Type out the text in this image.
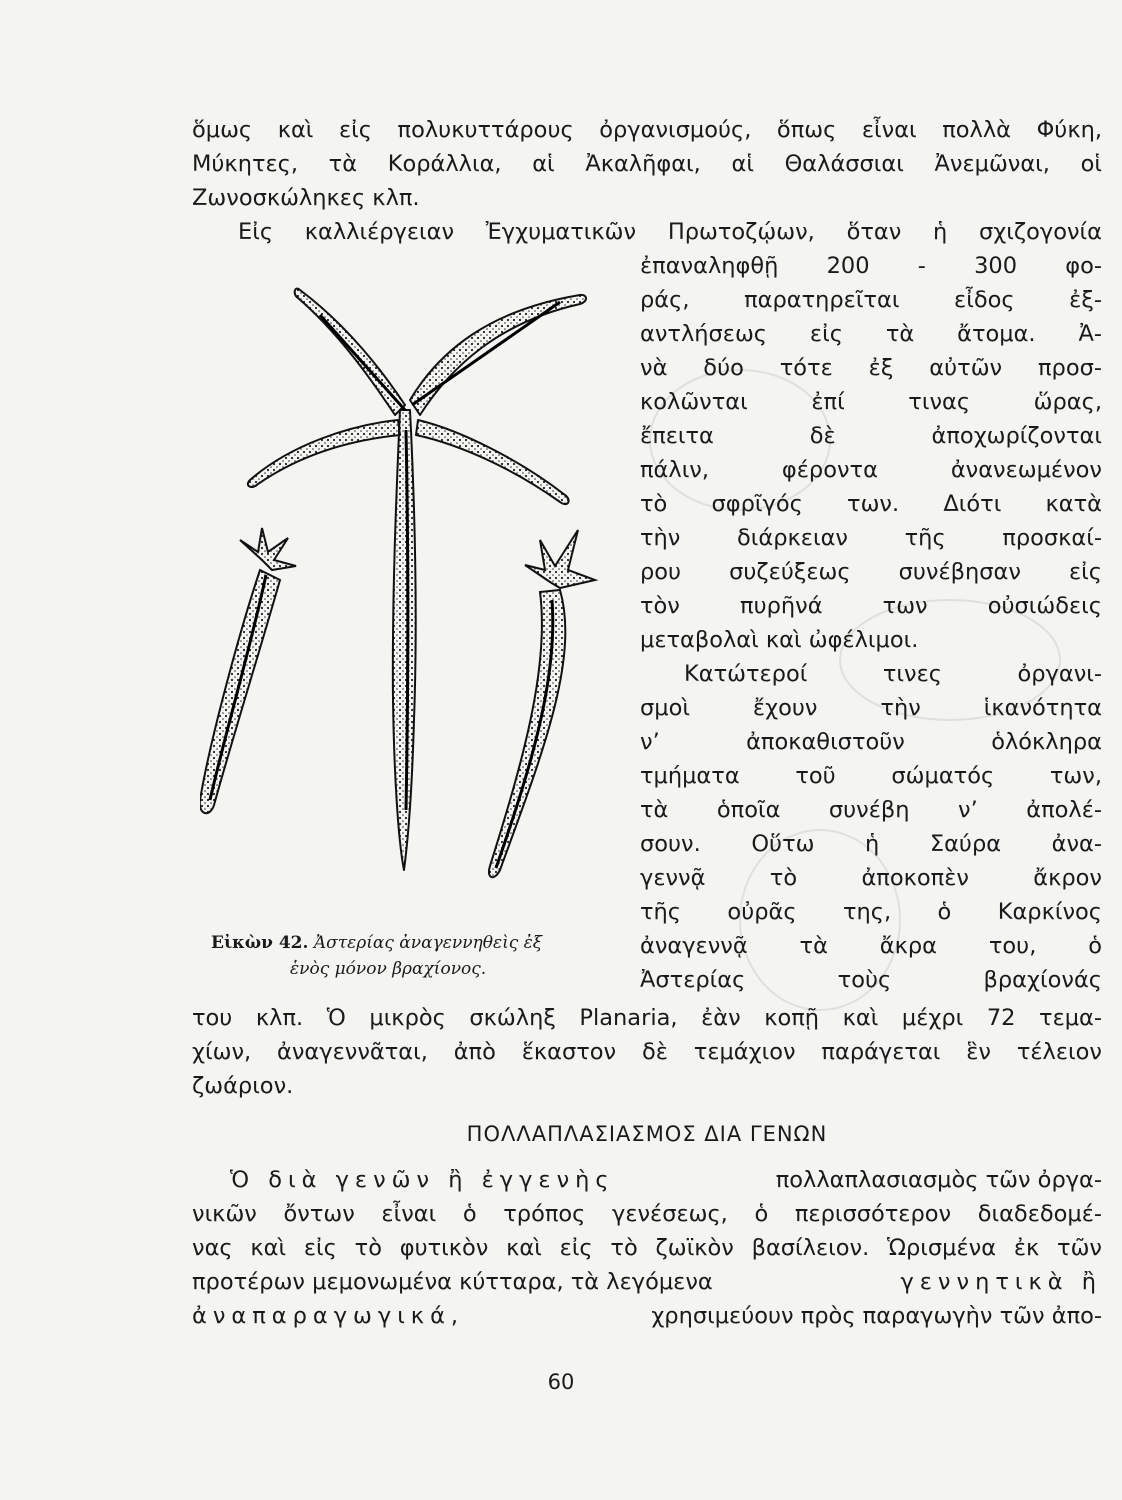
ὅμως καὶ εἰς πολυκυττάρους ὀργανισμούς, ὅπως εἶναι πολλὰ Φύκη,
Μύκητες, τὰ Κοράλλια, αἱ Ἀκαλῆφαι, αἱ Θαλάσσιαι Ἀνεμῶναι, οἱ
Ζωνοσκώληκες κλπ.
Εἰς καλλιέργειαν Ἐγχυματικῶν Πρωτοζῴων, ὅταν ἡ σχιζογονία
ἐπαναληφθῇ 200 - 300 φο-
ράς, παρατηρεῖται εἶδος ἐξ-
αντλήσεως εἰς τὰ ἄτομα. Ἀ-
νὰ δύο τότε ἐξ αὐτῶν προσ-
κολῶνται ἐπί τινας ὥρας,
ἔπειτα δὲ ἀποχωρίζονται
πάλιν, φέροντα ἀνανεωμένον
τὸ σφρῖγός των. Διότι κατὰ
τὴν διάρκειαν τῆς προσκαί-
ρου συζεύξεως συνέβησαν εἰς
τὸν πυρῆνά των οὐσιώδεις
μεταβολαὶ καὶ ὠφέλιμοι.
Κατώτεροί τινες ὀργανι-
σμοὶ ἔχουν τὴν ἱκανότητα
ν’ ἀποκαθιστοῦν ὁλόκληρα
τμήματα τοῦ σώματός των,
τὰ ὁποῖα συνέβη ν’ ἀπολέ-
σουν. Οὕτω ἡ Σαύρα ἀνα-
γεννᾷ τὸ ἀποκοπὲν ἄκρον
τῆς οὐρᾶς της, ὁ Καρκίνος
ἀναγεννᾷ τὰ ἄκρα του, ὁ
Ἀστερίας τοὺς βραχίονάς
Εἰκὼν 42. Ἀστερίας ἀναγεννηθεὶς ἐξ
ἑνὸς μόνον βραχίονος.
του κλπ. Ὁ μικρὸς σκώληξ Planaria, ἐὰν κοπῇ καὶ μέχρι 72 τεμα-
χίων, ἀναγεννᾶται, ἀπὸ ἕκαστον δὲ τεμάχιον παράγεται ἓν τέλειον
ζωάριον.
ΠΟΛΛΑΠΛΑΣΙΑΣΜΟΣ ΔΙΑ ΓΕΝΩΝ
Ὁ διὰ γενῶν ἢ ἐγγενὴς	πολλαπλασιασμὸς τῶν ὀργα-
νικῶν ὄντων εἶναι ὁ τρόπος γενέσεως, ὁ περισσότερον διαδεδομέ-
νας καὶ εἰς τὸ φυτικὸν καὶ εἰς τὸ ζωϊκὸν βασίλειον. Ὡρισμένα ἐκ τῶν
προτέρων μεμονωμένα κύτταρα, τὰ λεγόμενα	γεννητικὰ ἢ
ἀναπαραγωγικά,	χρησιμεύουν πρὸς παραγωγὴν τῶν ἀπο-
60
